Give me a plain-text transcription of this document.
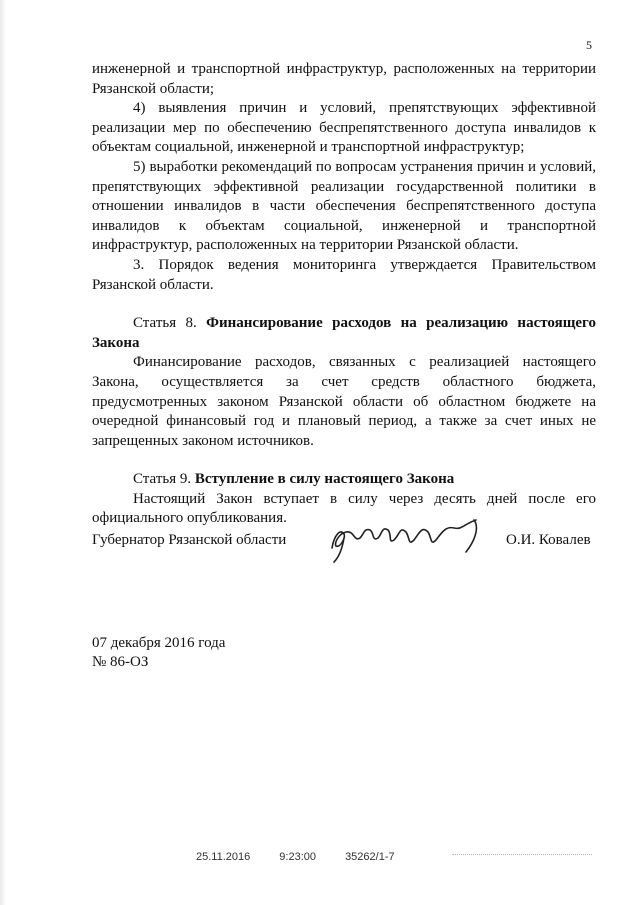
5

инженерной и транспортной инфраструктур, расположенных на территории Рязанской области;

4) выявления причин и условий, препятствующих эффективной реализации мер по обеспечению беспрепятственного доступа инвалидов к объектам социальной, инженерной и транспортной инфраструктур;

5) выработки рекомендаций по вопросам устранения причин и условий, препятствующих эффективной реализации государственной политики в отношении инвалидов в части обеспечения беспрепятственного доступа инвалидов к объектам социальной, инженерной и транспортной инфраструктур, расположенных на территории Рязанской области.

3. Порядок ведения мониторинга утверждается Правительством Рязанской области.

Статья 8. Финансирование расходов на реализацию настоящего Закона

Финансирование расходов, связанных с реализацией настоящего Закона, осуществляется за счет средств областного бюджета, предусмотренных законом Рязанской области об областном бюджете на очередной финансовый год и плановый период, а также за счет иных не запрещенных законом источников.

Статья 9. Вступление в силу настоящего Закона

Настоящий Закон вступает в силу через десять дней после его официального опубликования.

Губернатор Рязанской области	О.И. Ковалев
07 декабря 2016 года
№ 86-ОЗ
25.11.2016 9:23:00	35262/1-7
